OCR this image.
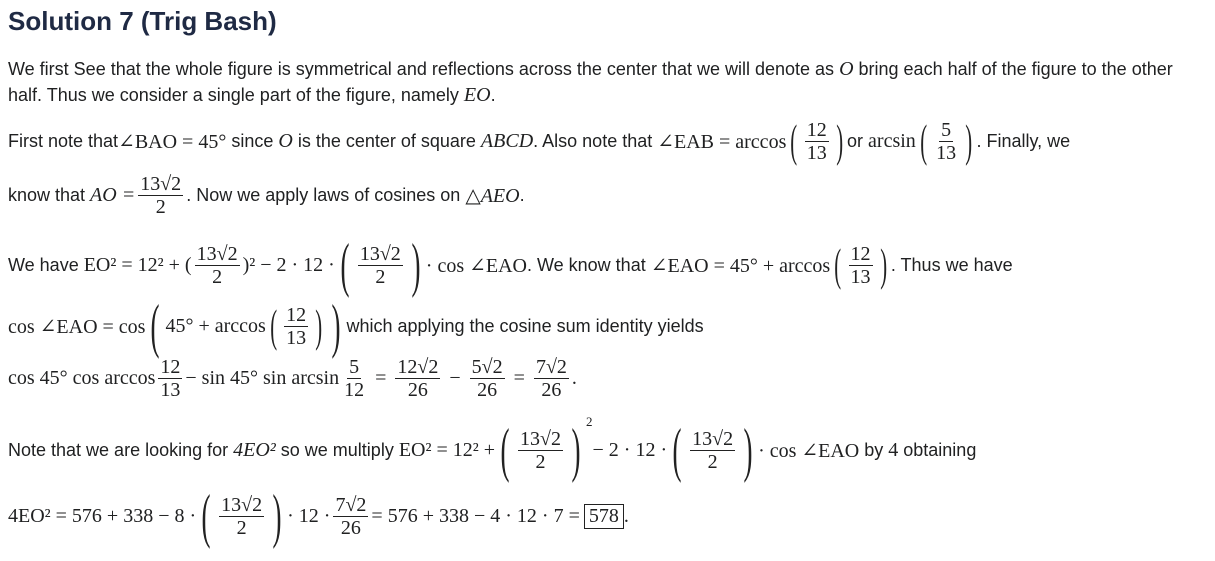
Solution 7 (Trig Bash)
We first See that the whole figure is symmetrical and reflections across the center that we will denote as O bring each half of the figure to the other half. Thus we consider a single part of the figure, namely EO.
First note that ∠BAO = 45° since O is the center of square ABCD . Also note that ∠EAB = arccos ( $\frac{12}{13}$ ) or arcsin ( $\frac{5}{13}$ ) . Finally, we
know that AO = $\frac{13√2}{2}$ . Now we apply laws of cosines on △AEO .
We have EO² = 12² + ( $\frac{13√2}{2} )^2 - 2 \cdot 12$ · ( $\frac{13√2}{2}$ ) · cos ∠EAO . We know that ∠EAO = 45° + arccos ( $\frac{12}{13}$ ) . Thus we have
cos ∠EAO = cos ( 45° + arccos ( $\frac{12}{13}$ ) ) which applying the cosine sum identity yields
cos 45° $\cos \arccos \frac{12}{13} - \sin 45^\circ$ $\sin \arcsin \frac{5}{12} = \frac{12√2}{26} - \frac{5√2}{26} = \frac{7√2}{26}$ .
Note that we are looking for 4EO² so we multiply EO² = 12² + ( $\frac{13√2}{2}$ ) 2
− 2 · 12 · ( $\frac{13√2}{2}$ ) · cos ∠EAO by 4 obtaining
4EO² = 576 + 338 − 8 · ( $\frac{13√2}{2}$ ) · $12 \cdot \frac{7√2}{26} = 576 + 338 - 4 \cdot 12 \cdot 7 = 578$ .
